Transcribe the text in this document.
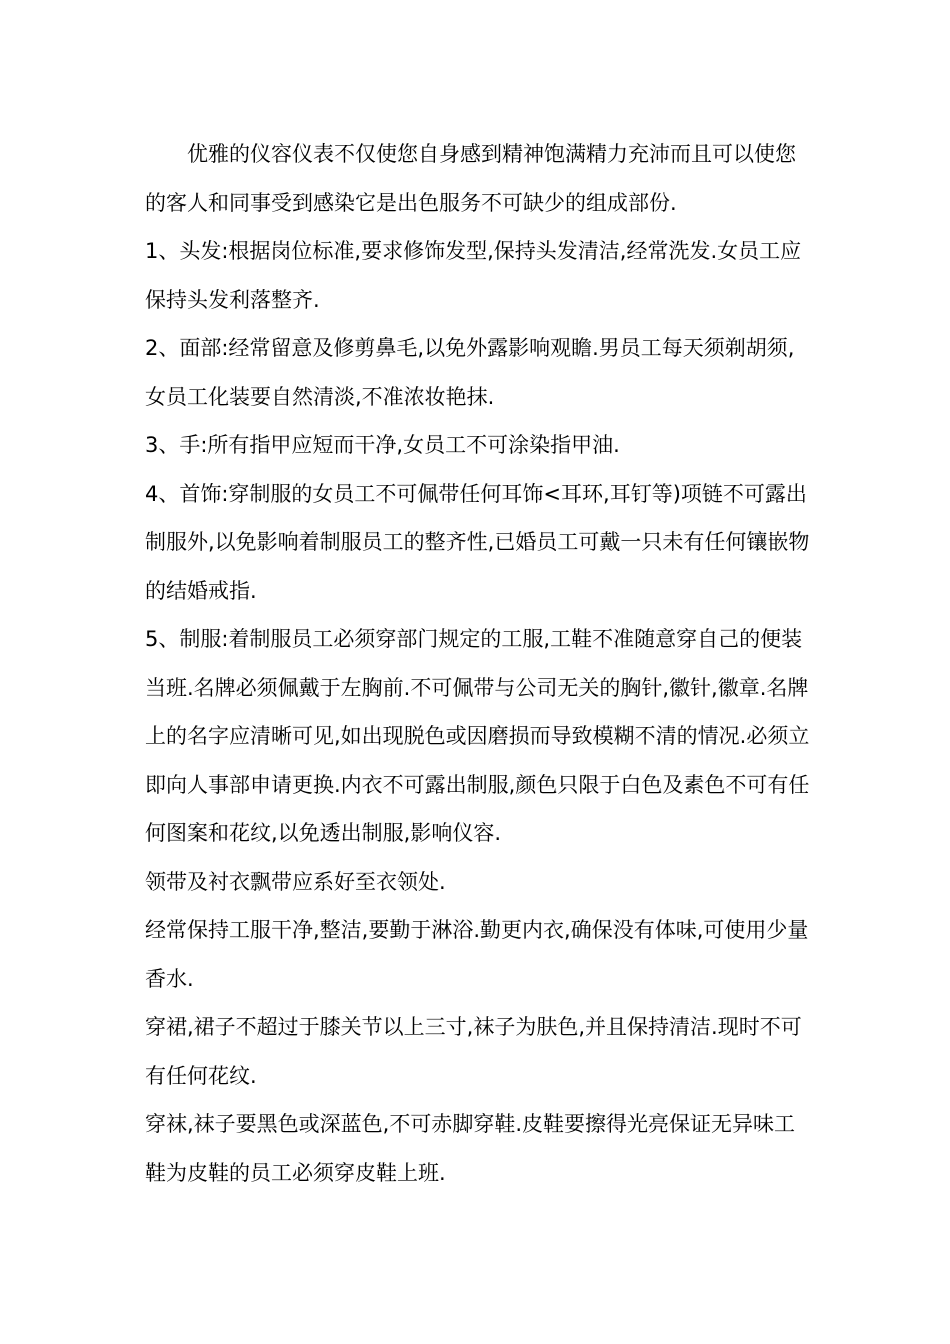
优雅的仪容仪表不仅使您自身感到精神饱满精力充沛而且可以使您的客人和同事受到感染它是出色服务不可缺少的组成部份.

1、头发:根据岗位标准,要求修饰发型,保持头发清洁,经常洗发.女员工应保持头发利落整齐.

2、面部:经常留意及修剪鼻毛,以免外露影响观瞻.男员工每天须剃胡须,女员工化装要自然清淡,不准浓妆艳抹.

3、手:所有指甲应短而干净,女员工不可涂染指甲油.

4、首饰:穿制服的女员工不可佩带任何耳饰<耳环,耳钉等)项链不可露出制服外,以免影响着制服员工的整齐性,已婚员工可戴一只未有任何镶嵌物的结婚戒指.

5、制服:着制服员工必须穿部门规定的工服,工鞋不准随意穿自己的便装当班.名牌必须佩戴于左胸前.不可佩带与公司无关的胸针,徽针,徽章.名牌上的名字应清晰可见,如出现脱色或因磨损而导致模糊不清的情况.必须立即向人事部申请更换.内衣不可露出制服,颜色只限于白色及素色不可有任何图案和花纹,以免透出制服,影响仪容.

领带及衬衣飘带应系好至衣领处.

经常保持工服干净,整洁,要勤于淋浴.勤更内衣,确保没有体味,可使用少量香水.

穿裙,裙子不超过于膝关节以上三寸,袜子为肤色,并且保持清洁.现时不可有任何花纹.

穿袜,袜子要黑色或深蓝色,不可赤脚穿鞋.皮鞋要擦得光亮保证无异味工鞋为皮鞋的员工必须穿皮鞋上班.
